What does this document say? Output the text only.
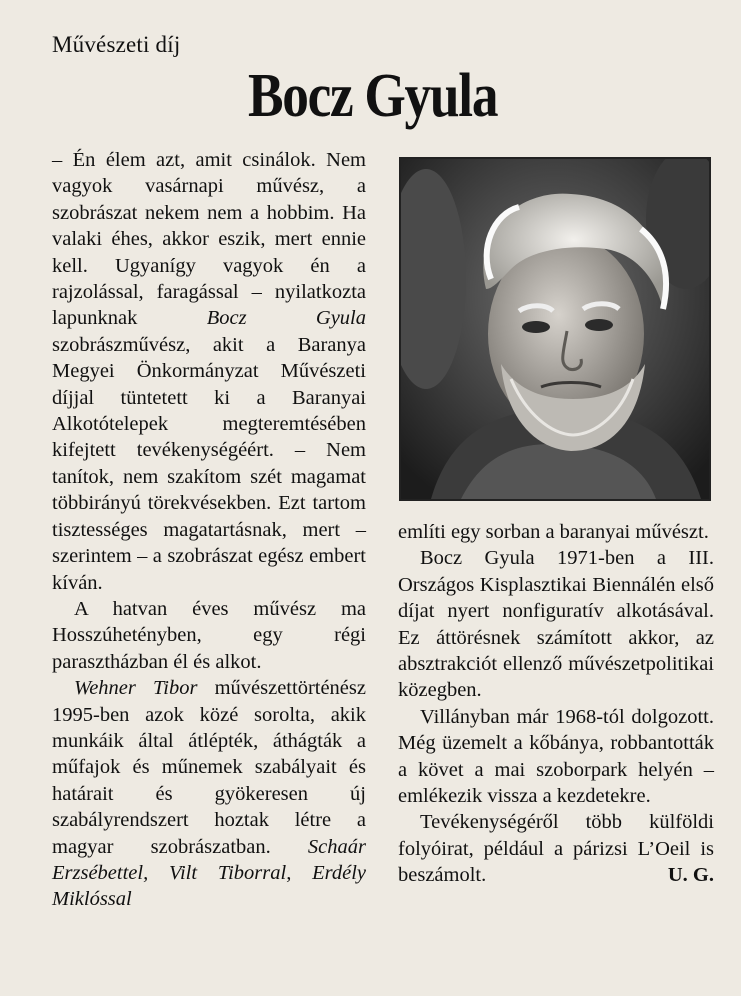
Művészeti díj
Bocz Gyula

– Én élem azt, amit csinálok. Nem vagyok vasárnapi művész, a szobrászat nekem nem a hobbim. Ha valaki éhes, akkor eszik, mert ennie kell. Ugyanígy vagyok én a rajzolással, faragással – nyilatkozta lapunknak Bocz Gyula szobrászművész, akit a Baranya Megyei Önkormányzat Művészeti díjjal tüntetett ki a Baranyai Alkotótelepek megteremtésében kifejtett tevékenységéért. – Nem tanítok, nem szakítom szét magamat többirányú törekvésekben. Ezt tartom tisztességes magatartásnak, mert – szerintem – a szobrászat egész embert kíván.

A hatvan éves művész ma Hosszúhetényben, egy régi parasztházban él és alkot.

Wehner Tibor művészettörténész 1995-ben azok közé sorolta, akik munkáik által átlépték, áthágták a műfajok és műnemek szabályait és határait és gyökeresen új szabályrendszert hoztak létre a magyar szobrászatban. Schaár Erzsébettel, Vilt Tiborral, Erdély Miklóssal

említi egy sorban a baranyai művészt.

Bocz Gyula 1971-ben a III. Országos Kisplasztikai Biennálén első díjat nyert nonfiguratív alkotásával. Ez áttörésnek számított akkor, az absztrakciót ellenző művészetpolitikai közegben.

Villányban már 1968-tól dolgozott. Még üzemelt a kőbánya, robbantották a követ a mai szoborpark helyén – emlékezik vissza a kezdetekre.

Tevékenységéről több külföldi folyóirat, például a párizsi L’Oeil is beszámolt.	U. G.
